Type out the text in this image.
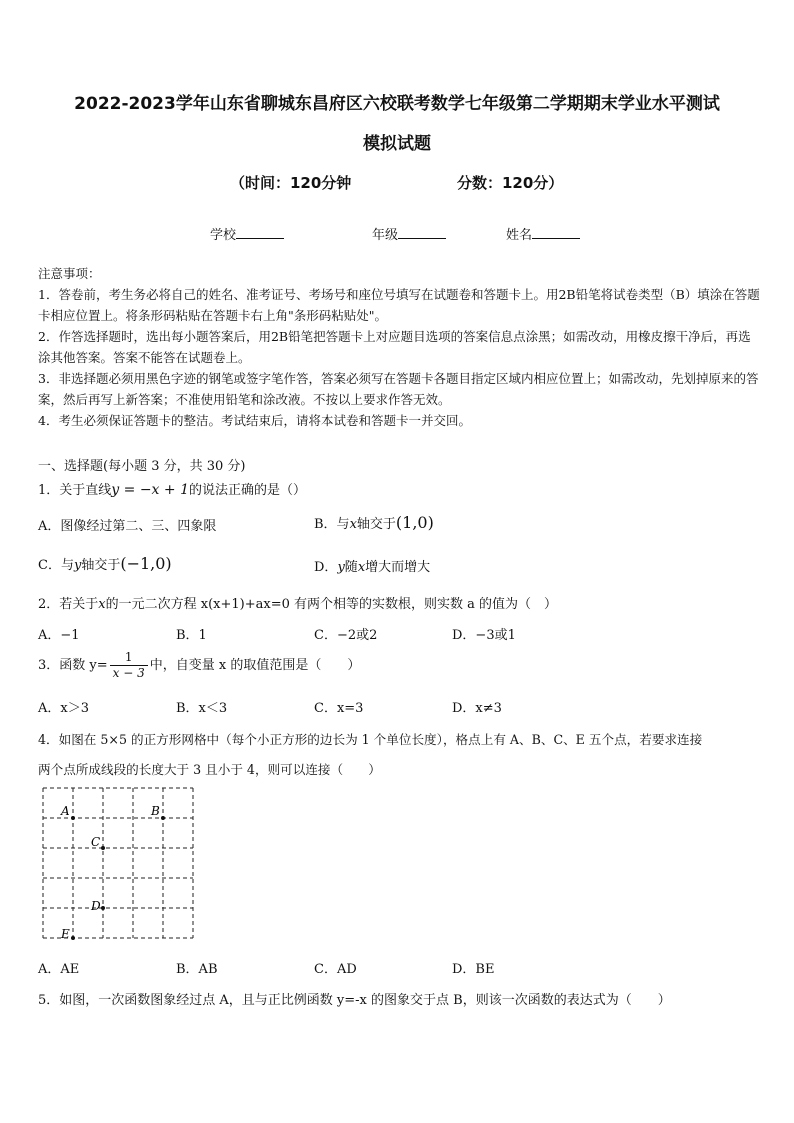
2022-2023学年山东省聊城东昌府区六校联考数学七年级第二学期期末学业水平测试
模拟试题
（时间：120分钟	分数：120分）
学校	年级	姓名

注意事项：

1．答卷前，考生务必将自己的姓名、准考证号、考场号和座位号填写在试题卷和答题卡上。用2B铅笔将试卷类型（B）填涂在答题卡相应位置上。将条形码粘贴在答题卡右上角"条形码粘贴处"。

2．作答选择题时，选出每小题答案后，用2B铅笔把答题卡上对应题目选项的答案信息点涂黑；如需改动，用橡皮擦干净后，再选涂其他答案。答案不能答在试题卷上。

3．非选择题必须用黑色字迹的钢笔或签字笔作答，答案必须写在答题卡各题目指定区域内相应位置上；如需改动，先划掉原来的答案，然后再写上新答案；不准使用铅笔和涂改液。不按以上要求作答无效。

4．考生必须保证答题卡的整洁。考试结束后，请将本试卷和答题卡一并交回。

一、选择题(每小题 3 分，共 30 分)
1．关于直线y = −x + 1的说法正确的是（）
A．图像经过第二、三、四象限	B．与x轴交于(1,0)
C．与y轴交于(−1,0)	D．y随x增大而增大
2．若关于x的一元二次方程 x(x+1)+ax=0 有两个相等的实数根，则实数 a 的值为（　）
A．−1	B．1	C．−2或2	D．−3或1
3．函数 $y= \frac{1}{x - 3}$ 中，自变量 x 的取值范围是（　　）
A．x＞3	B．x＜3	C．x=3	D．x≠3
4．如图在 5×5 的正方形网格中（每个小正方形的边长为 1 个单位长度），格点上有 A、B、C、E 五个点，若要求连接
两个点所成线段的长度大于 3 且小于 4，则可以连接（　　）
A	B
C
D
E
A．AE	B．AB	C．AD	D．BE
5．如图，一次函数图象经过点 A，且与正比例函数 y=-x 的图象交于点 B，则该一次函数的表达式为（　　）
